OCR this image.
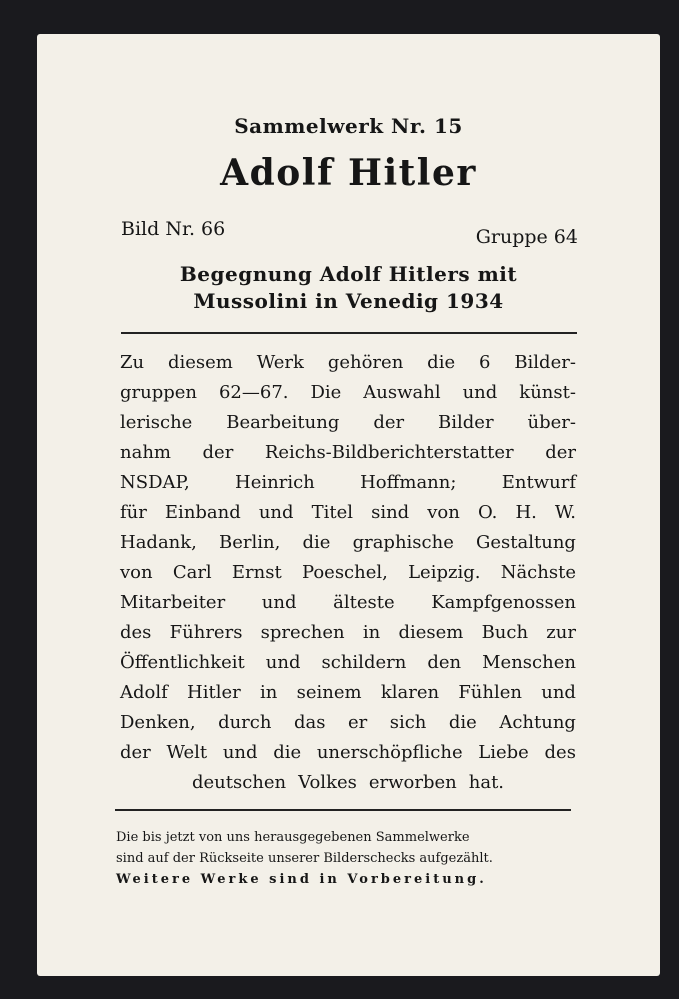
Sammelwerk Nr. 15
Adolf Hitler
Bild Nr. 66	Gruppe 64
Begegnung Adolf Hitlers mit
Mussolini in Venedig 1934
Zu diesem Werk gehören die 6 Bilder-
gruppen 62—67. Die Auswahl und künst-
lerische Bearbeitung der Bilder über-
nahm der Reichs-Bildberichterstatter der
NSDAP,	Heinrich	Hoffmann;	Entwurf
für Einband und Titel sind von O. H. W.
Hadank, Berlin, die graphische Gestaltung
von Carl Ernst Poeschel, Leipzig. Nächste
Mitarbeiter und älteste Kampfgenossen
des Führers sprechen in diesem Buch zur
Öffentlichkeit und schildern den Menschen
Adolf Hitler in seinem klaren Fühlen und
Denken, durch das er sich die Achtung
der Welt und die unerschöpfliche Liebe des
deutschen Volkes erworben hat.
Die bis jetzt von uns herausgegebenen Sammelwerke
sind auf der Rückseite unserer Bilderschecks aufgezählt.
Weitere Werke sind in Vorbereitung.
